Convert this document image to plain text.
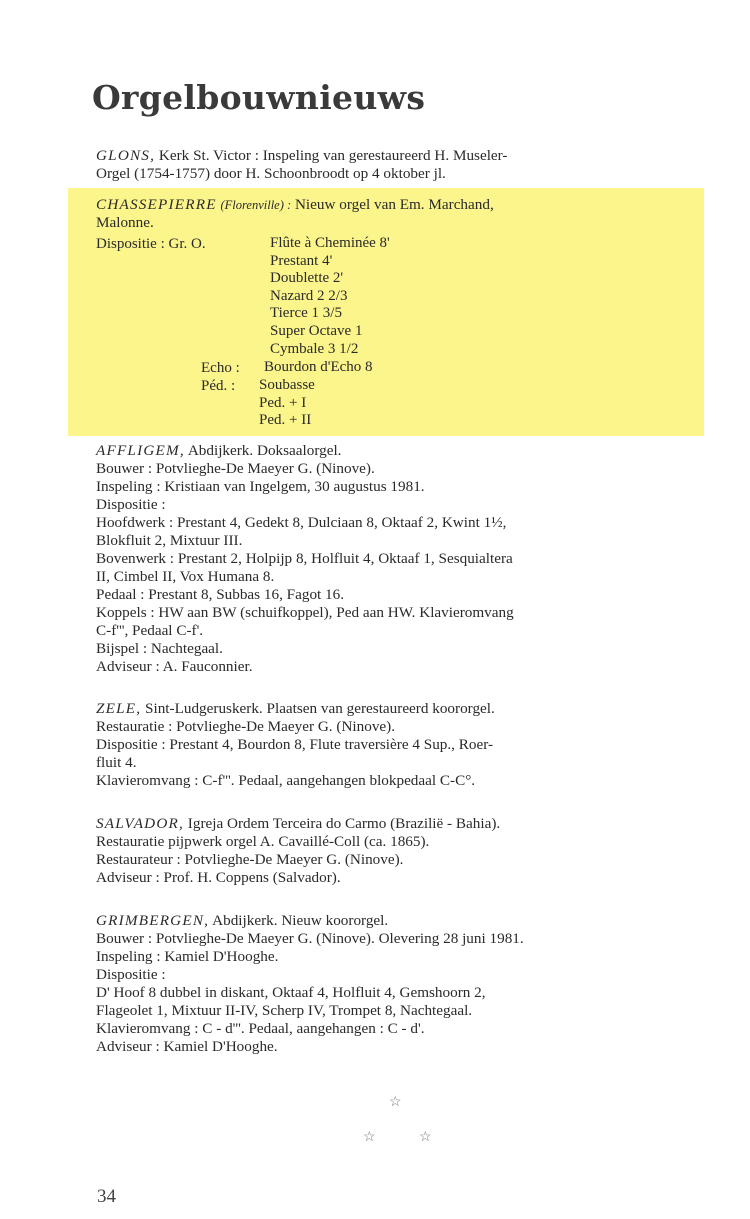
Orgelbouwnieuws

GLONS, Kerk St. Victor : Inspeling van gerestaureerd H. Museler-

Orgel (1754-1757) door H. Schoonbroodt op 4 oktober jl.

CHASSEPIERRE (Florenville) : Nieuw orgel van Em. Marchand,

Malonne.

Dispositie : Gr. O.	Flûte à Cheminée 8'
Prestant 4'
Doublette 2'
Nazard 2 2/3
Tierce 1 3/5
Super Octave 1
Cymbale 3 1/2
Echo : Bourdon d'Echo 8
Péd. : Soubasse
Ped. + I
Ped. + II

AFFLIGEM, Abdijkerk. Doksaalorgel.

Bouwer : Potvlieghe-De Maeyer G. (Ninove).

Inspeling : Kristiaan van Ingelgem, 30 augustus 1981.

Dispositie :

Hoofdwerk : Prestant 4, Gedekt 8, Dulciaan 8, Oktaaf 2, Kwint 1½,

Blokfluit 2, Mixtuur III.

Bovenwerk : Prestant 2, Holpijp 8, Holfluit 4, Oktaaf 1, Sesquialtera

II, Cimbel II, Vox Humana 8.

Pedaal : Prestant 8, Subbas 16, Fagot 16.

Koppels : HW aan BW (schuifkoppel), Ped aan HW. Klavieromvang

C-f''', Pedaal C-f'.

Bijspel : Nachtegaal.

Adviseur : A. Fauconnier.

ZELE, Sint-Ludgeruskerk. Plaatsen van gerestaureerd koororgel.

Restauratie : Potvlieghe-De Maeyer G. (Ninove).

Dispositie : Prestant 4, Bourdon 8, Flute traversière 4 Sup., Roer-

fluit 4.

Klavieromvang : C-f'''. Pedaal, aangehangen blokpedaal C-C°.

SALVADOR, Igreja Ordem Terceira do Carmo (Brazilië - Bahia).

Restauratie pijpwerk orgel A. Cavaillé-Coll (ca. 1865).

Restaurateur : Potvlieghe-De Maeyer G. (Ninove).

Adviseur : Prof. H. Coppens (Salvador).

GRIMBERGEN, Abdijkerk. Nieuw koororgel.

Bouwer : Potvlieghe-De Maeyer G. (Ninove). Olevering 28 juni 1981.

Inspeling : Kamiel D'Hooghe.

Dispositie :

D' Hoof 8 dubbel in diskant, Oktaaf 4, Holfluit 4, Gemshoorn 2,

Flageolet 1, Mixtuur II-IV, Scherp IV, Trompet 8, Nachtegaal.

Klavieromvang : C - d'''. Pedaal, aangehangen : C - d'.

Adviseur : Kamiel D'Hooghe.

☆
☆	☆
34
